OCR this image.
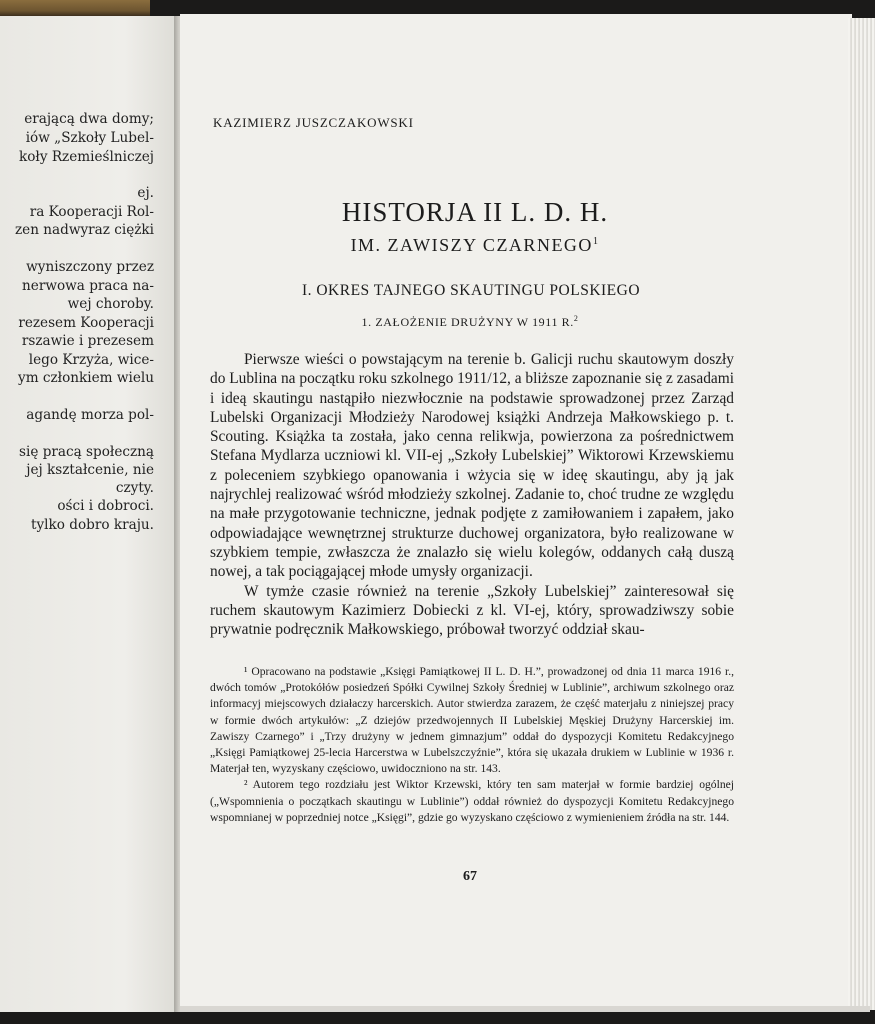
erającą dwa domy;
iów „Szkoły Lubel-
koły Rzemieślniczej
ej.
ra Kooperacji Rol-
zen nadwyraz ciężki
wyniszczony przez
nerwowa praca na-
wej choroby.
rezesem Kooperacji
rszawie i prezesem
lego Krzyża, wice-
ym członkiem wielu
agandę morza pol-
się pracą społeczną
jej kształcenie, nie
czyty.
ości i dobroci.
tylko dobro kraju.
KAZIMIERZ JUSZCZAKOWSKI
HISTORJA II L. D. H.
IM. ZAWISZY CZARNEGO$^1$
I. OKRES TAJNEGO SKAUTINGU POLSKIEGO
1. ZAŁOŻENIE DRUŻYNY W 1911 R.$^2$

Pierwsze wieści o powstającym na terenie b. Galicji ruchu skautowym doszły do Lublina na początku roku szkolnego 1911/12, a bliższe zapoznanie się z zasadami i ideą skautingu nastąpiło niezwłocznie na podstawie sprowadzonej przez Zarząd Lubelski Organizacji Młodzieży Narodowej książki Andrzeja Małkowskiego p. t. Scouting. Książka ta została, jako cenna relikwja, powierzona za pośrednictwem Stefana Mydlarza uczniowi kl. VII-ej „Szkoły Lubelskiej” Wiktorowi Krzewskiemu z poleceniem szybkiego opanowania i wżycia się w ideę skautingu, aby ją jak najrychlej realizować wśród młodzieży szkolnej. Zadanie to, choć trudne ze względu na małe przygotowanie techniczne, jednak podjęte z zamiłowaniem i zapałem, jako odpowiadające wewnętrznej strukturze duchowej organizatora, było realizowane w szybkiem tempie, zwłaszcza że znalazło się wielu kolegów, oddanych całą duszą nowej, a tak pociągającej młode umysły organizacji.

W tymże czasie również na terenie „Szkoły Lubelskiej” zainteresował się ruchem skautowym Kazimierz Dobiecki z kl. VI-ej, który, sprowadziwszy sobie prywatnie podręcznik Małkowskiego, próbował tworzyć oddział skau-

¹ Opracowano na podstawie „Księgi Pamiątkowej II L. D. H.”, prowadzonej od dnia 11 marca 1916 r., dwóch tomów „Protokółów posiedzeń Spółki Cywilnej Szkoły Średniej w Lublinie”, archiwum szkolnego oraz informacyj miejscowych działaczy harcerskich. Autor stwierdza zarazem, że część materjału z niniejszej pracy w formie dwóch artykułów: „Z dziejów przedwojennych II Lubelskiej Męskiej Drużyny Harcerskiej im. Zawiszy Czarnego” i „Trzy drużyny w jednem gimnazjum” oddał do dyspozycji Komitetu Redakcyjnego „Księgi Pamiątkowej 25-lecia Harcerstwa w Lubelszczyźnie”, która się ukazała drukiem w Lublinie w 1936 r. Materjał ten, wyzyskany częściowo, uwidoczniono na str. 143.

² Autorem tego rozdziału jest Wiktor Krzewski, który ten sam materjał w formie bardziej ogólnej („Wspomnienia o początkach skautingu w Lublinie”) oddał również do dyspozycji Komitetu Redakcyjnego wspomnianej w poprzedniej notce „Księgi”, gdzie go wyzyskano częściowo z wymienieniem źródła na str. 144.

67
